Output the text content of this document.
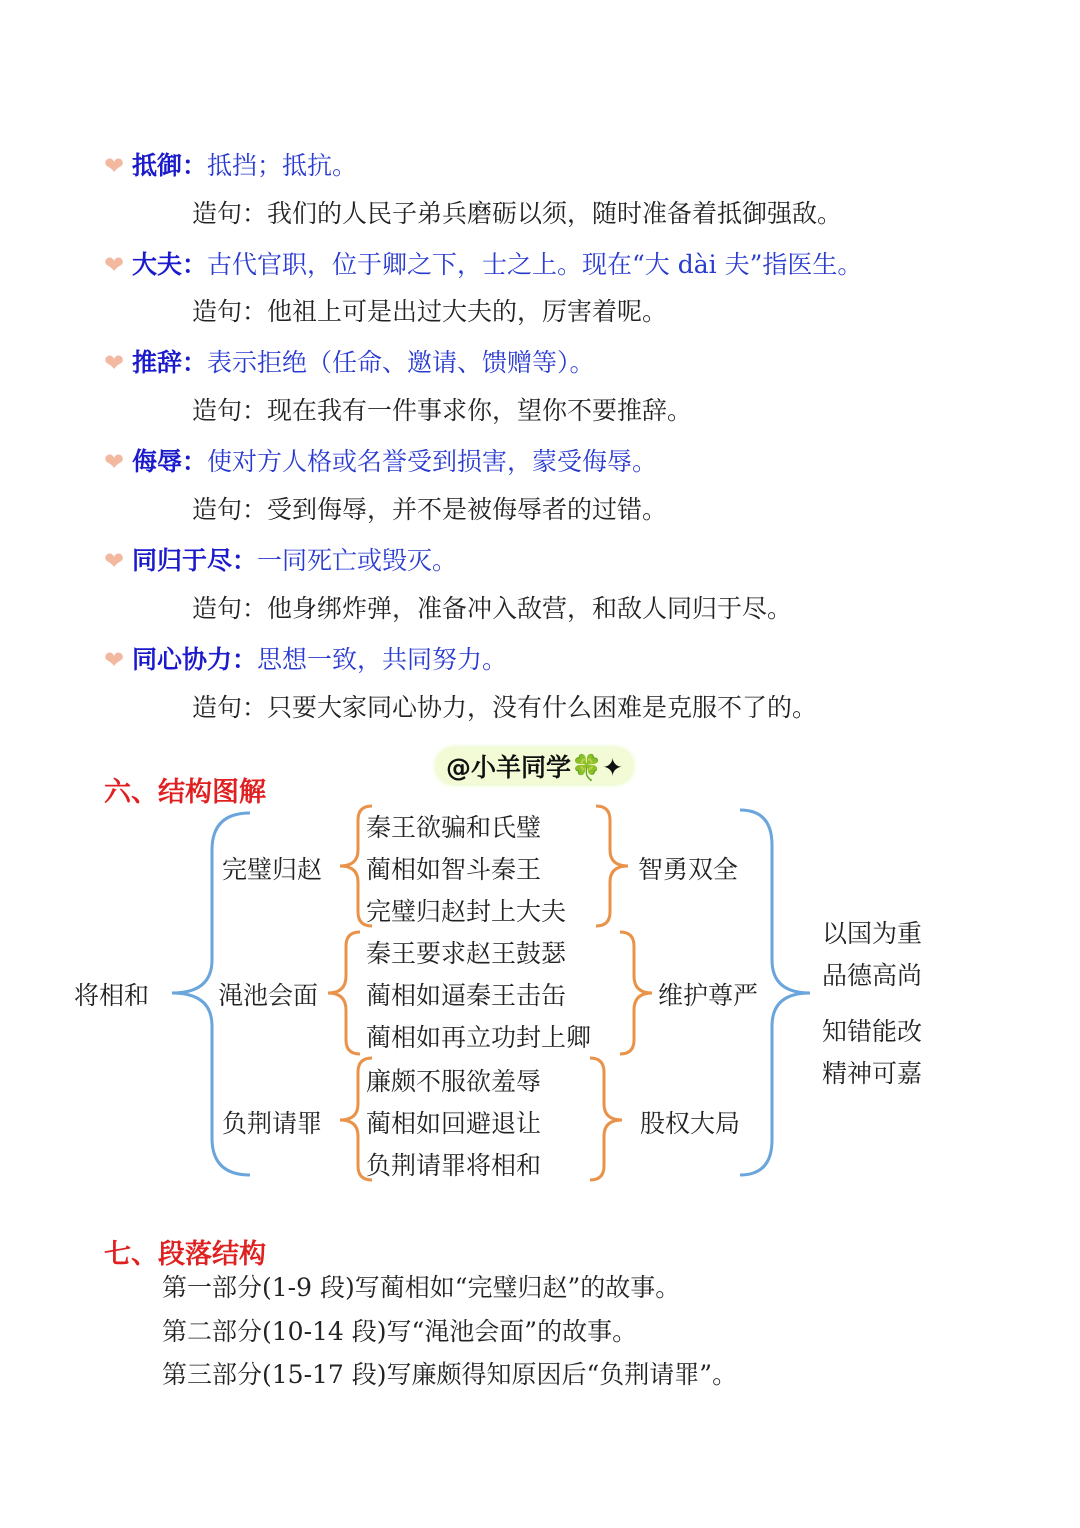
❤ 抵御：抵挡；抵抗。
造句：我们的人民子弟兵磨砺以须，随时准备着抵御强敌。
❤ 大夫：古代官职，位于卿之下，士之上。现在“大 dài 夫”指医生。
造句：他祖上可是出过大夫的，厉害着呢。
❤ 推辞：表示拒绝（任命、邀请、馈赠等）。
造句：现在我有一件事求你，望你不要推辞。
❤ 侮辱：使对方人格或名誉受到损害，蒙受侮辱。
造句：受到侮辱，并不是被侮辱者的过错。
❤ 同归于尽：一同死亡或毁灭。
造句：他身绑炸弹，准备冲入敌营，和敌人同归于尽。
❤ 同心协力：思想一致，共同努力。
造句：只要大家同心协力，没有什么困难是克服不了的。
@小羊同学🍀✦
六、结构图解
将相和
完璧归赵
秦王欲骗和氏璧
蔺相如智斗秦王
完璧归赵封上大夫
智勇双全
渑池会面
秦王要求赵王鼓瑟
蔺相如逼秦王击缶
蔺相如再立功封上卿
维护尊严
负荆请罪
廉颇不服欲羞辱
蔺相如回避退让
负荆请罪将相和
股权大局
以国为重
品德高尚
知错能改
精神可嘉
七、段落结构
第一部分(1-9 段)写蔺相如“完璧归赵”的故事。
第二部分(10-14 段)写“渑池会面”的故事。
第三部分(15-17 段)写廉颇得知原因后“负荆请罪”。
